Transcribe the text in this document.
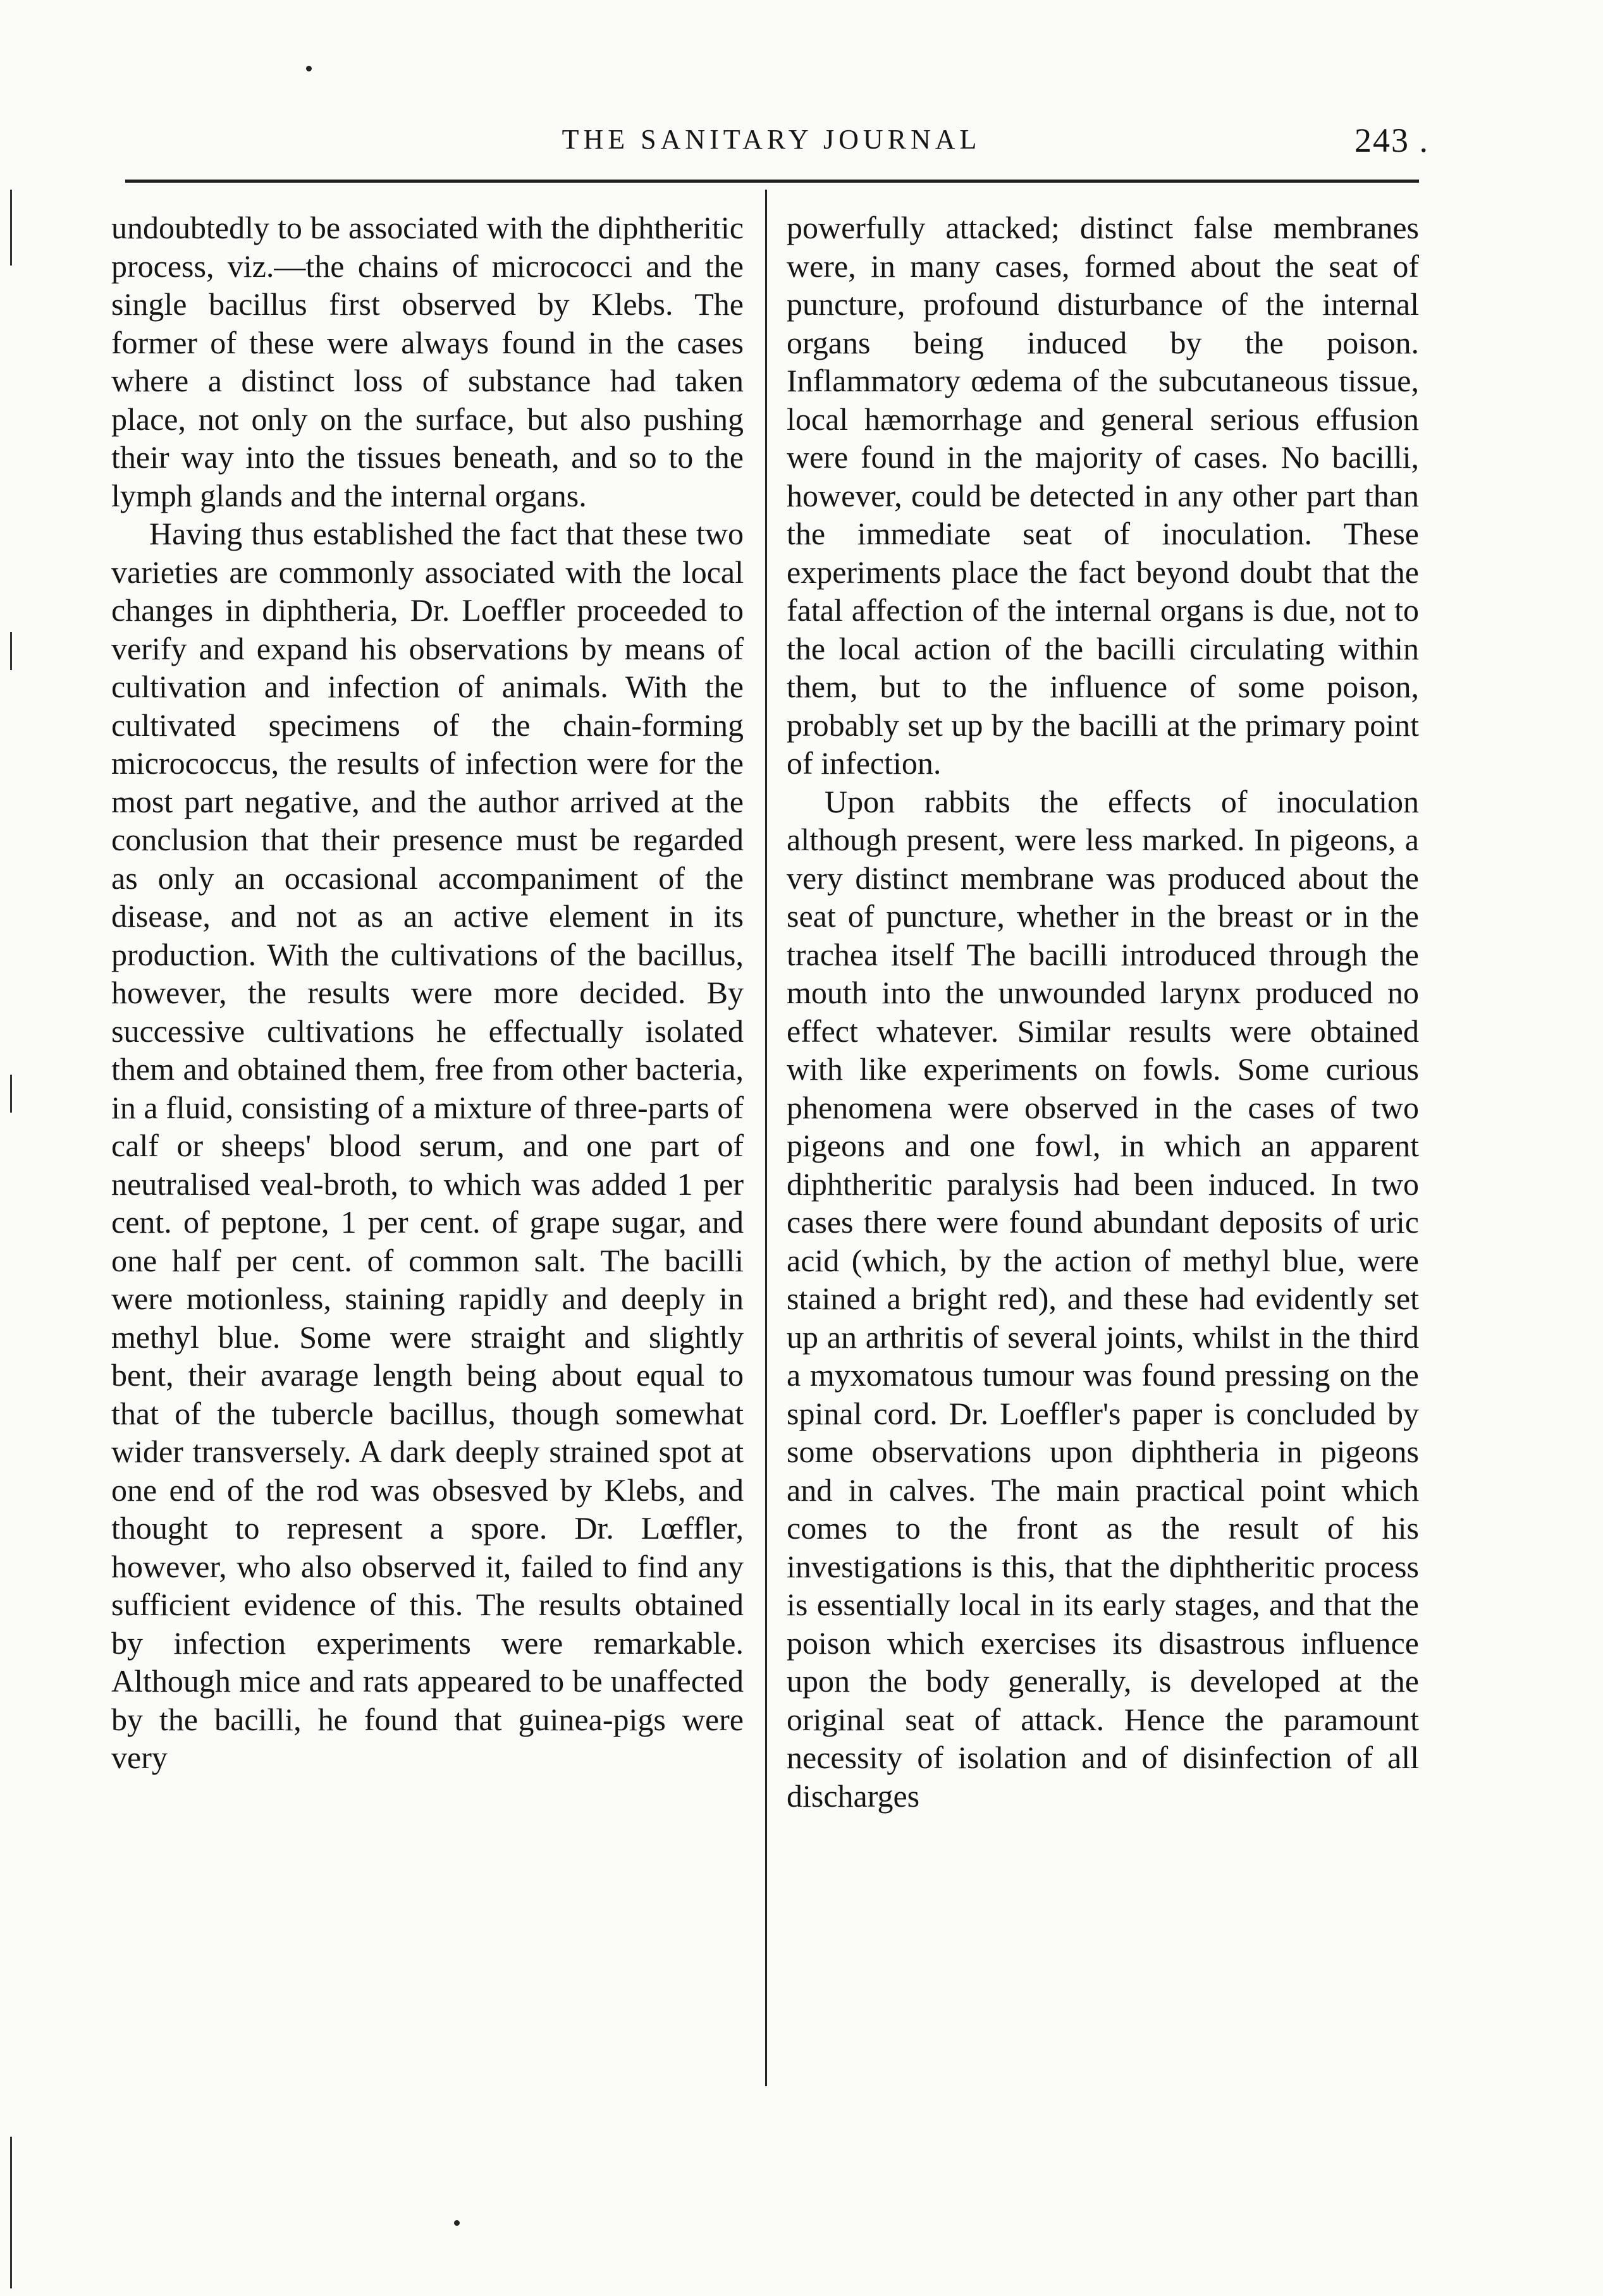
THE SANITARY JOURNAL	243 .

undoubtedly to be associated with the diphtheritic process, viz.—the chains of micrococci and the single bacillus first observed by Klebs. The former of these were always found in the cases where a distinct loss of substance had taken place, not only on the surface, but also pushing their way into the tissues beneath, and so to the lymph glands and the internal organs.

Having thus established the fact that these two varieties are commonly associated with the local changes in diphtheria, Dr. Loeffler proceeded to verify and expand his observations by means of cultivation and infection of animals. With the cultivated specimens of the chain-forming micrococcus, the results of infection were for the most part negative, and the author arrived at the conclusion that their presence must be regarded as only an occasional accompaniment of the disease, and not as an active element in its production. With the cultivations of the bacillus, however, the results were more decided. By successive cultivations he effectually isolated them and obtained them, free from other bacteria, in a fluid, consisting of a mixture of three-parts of calf or sheeps' blood serum, and one part of neutralised veal-broth, to which was added 1 per cent. of peptone, 1 per cent. of grape sugar, and one half per cent. of common salt. The bacilli were motionless, staining rapidly and deeply in methyl blue. Some were straight and slightly bent, their avarage length being about equal to that of the tubercle bacillus, though somewhat wider transversely. A dark deeply strained spot at one end of the rod was obsesved by Klebs, and thought to represent a spore. Dr. Lœffler, however, who also observed it, failed to find any sufficient evidence of this. The results obtained by infection experiments were remarkable. Although mice and rats appeared to be unaffected by the bacilli, he found that guinea-pigs were very

powerfully attacked; distinct false membranes were, in many cases, formed about the seat of puncture, profound disturbance of the internal organs being induced by the poison. Inflammatory œdema of the subcutaneous tissue, local hæmorrhage and general serious effusion were found in the majority of cases. No bacilli, however, could be detected in any other part than the immediate seat of inoculation. These experiments place the fact beyond doubt that the fatal affection of the internal organs is due, not to the local action of the bacilli circulating within them, but to the influence of some poison, probably set up by the bacilli at the primary point of infection.

Upon rabbits the effects of inoculation although present, were less marked. In pigeons, a very distinct membrane was produced about the seat of puncture, whether in the breast or in the trachea itself The bacilli introduced through the mouth into the unwounded larynx produced no effect whatever. Similar results were obtained with like experiments on fowls. Some curious phenomena were observed in the cases of two pigeons and one fowl, in which an apparent diphtheritic paralysis had been induced. In two cases there were found abundant deposits of uric acid (which, by the action of methyl blue, were stained a bright red), and these had evidently set up an arthritis of several joints, whilst in the third a myxomatous tumour was found pressing on the spinal cord. Dr. Loeffler's paper is concluded by some observations upon diphtheria in pigeons and in calves. The main practical point which comes to the front as the result of his investigations is this, that the diphtheritic process is essentially local in its early stages, and that the poison which exercises its disastrous influence upon the body generally, is developed at the original seat of attack. Hence the paramount necessity of isolation and of disinfection of all discharges
